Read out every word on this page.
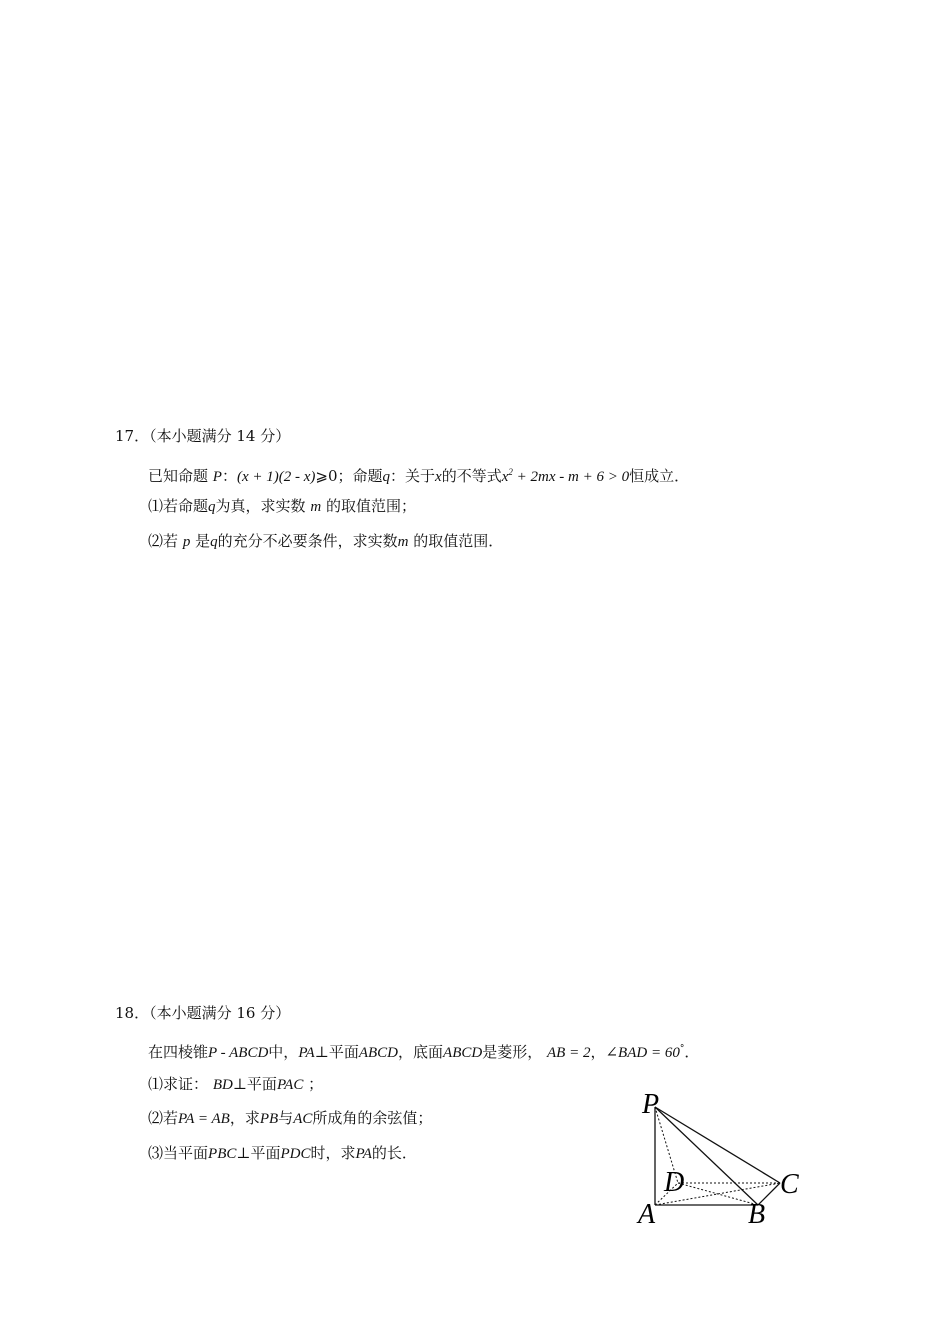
17．（本小题满分 14 分）
已知命题 P：(x + 1)(2 - x)⩾0；命题q：关于x的不等式$x^2 + 2mx - m + 6 > 0$恒成立．
⑴若命题q为真，求实数 m 的取值范围；
⑵若 p 是q的充分不必要条件，求实数m 的取值范围．
18．（本小题满分 16 分）
在四棱锥P - ABCD中，PA⊥平面ABCD，底面ABCD是菱形， AB = 2，∠BAD = 60°．
⑴求证： BD⊥平面PAC ；
⑵若PA = AB，求PB与AC所成角的余弦值；
⑶当平面PBC⊥平面PDC时，求PA的长．
P
D	C
A	B
